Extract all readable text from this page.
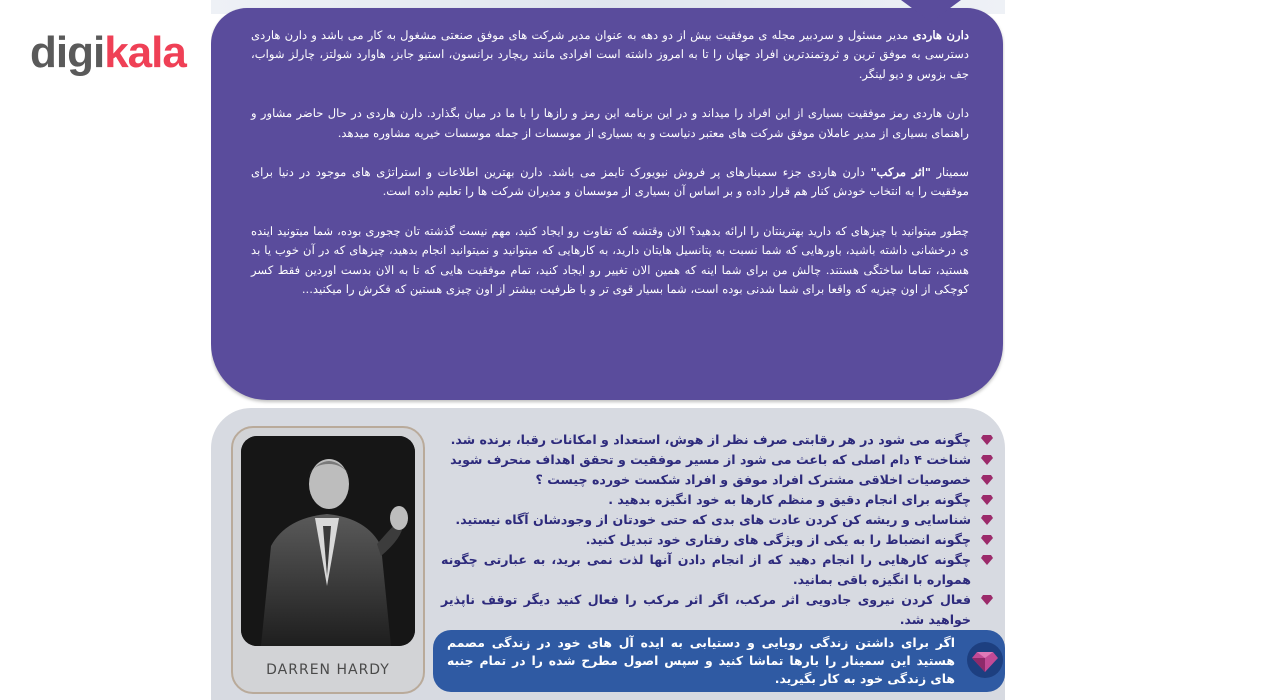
digi kala	دارن هاردی مدیر مسئول و سردبیر مجله ی موفقیت بیش از دو دهه به عنوان مدیر شرکت های موفق صنعتی مشغول به کار می باشد و دارن هاردی دسترسی به موفق ترین و ثروتمندترین افراد جهان را تا به امروز داشته است افرادی مانند ریچارد برانسون، استیو جابز، هاوارد شولتز، چارلز شواب، جف بزوس و دیو لینگر.

دارن هاردی رمز موفقیت بسیاری از این افراد را میداند و در این برنامه این رمز و رازها را با ما در میان بگذارد. دارن هاردی در حال حاضر مشاور و راهنمای بسیاری از مدیر عاملان موفق شرکت های معتبر دنیاست و به بسیاری از موسسات از جمله موسسات خیریه مشاوره میدهد.

سمینار "اثر مرکب" دارن هاردی جزء سمینارهای پر فروش نیویورک تایمز می باشد. دارن بهترین اطلاعات و استراتژی های موجود در دنیا برای موفقیت را به انتخاب خودش کنار هم قرار داده و بر اساس آن بسیاری از موسسان و مدیران شرکت ها را تعلیم داده است.

چطور میتوانید با چیزهای که دارید بهترینتان را ارائه بدهید؟ الان وقتشه که تفاوت رو ایجاد کنید، مهم نیست گذشته تان چجوری بوده، شما میتونید اینده ی درخشانی داشته باشید، باورهایی که شما نسبت به پتانسیل هایتان دارید، به کارهایی که میتوانید و نمیتوانید انجام بدهید، چیزهای که در آن خوب یا بد هستید، تماما ساختگی هستند. چالش من برای شما اینه که همین الان تغییر رو ایجاد کنید، تمام موفقیت هایی که تا به الان بدست اوردین فقط کسر کوچکی از اون چیزیه که واقعا برای شما شدنی بوده است، شما بسیار قوی تر و با ظرفیت بیشتر از اون چیزی هستین که فکرش را میکنید...

DARREN HARDY
چگونه می شود در هر رقابتی صرف نظر از هوش، استعداد و امکانات رقبا، برنده شد.
شناخت ۴ دام اصلی که باعث می شود از مسیر موفقیت و تحقق اهداف منحرف شوید
خصوصیات اخلاقی مشترک افراد موفق و افراد شکست خورده چیست ؟
چگونه برای انجام دقیق و منظم کارها به خود انگیزه بدهید .
شناسایی و ریشه کن کردن عادت های بدی که حتی خودتان از وجودشان آگاه نیستید.
چگونه انضباط را به یکی از ویژگی های رفتاری خود تبدیل کنید.
چگونه کارهایی را انجام دهید که از انجام دادن آنها لذت نمی برید، به عبارتی چگونه همواره با انگیزه باقی بمانید.
فعال کردن نیروی جادویی اثر مرکب، اگر اثر مرکب را فعال کنید دیگر توقف ناپذیر خواهید شد.
اگر برای داشتن زندگی رویایی و دستیابی به ایده آل های خود در زندگی مصمم هستید این سمینار را بارها تماشا کنید و سپس اصول مطرح شده را در تمام جنبه های زندگی خود به کار بگیرید.
